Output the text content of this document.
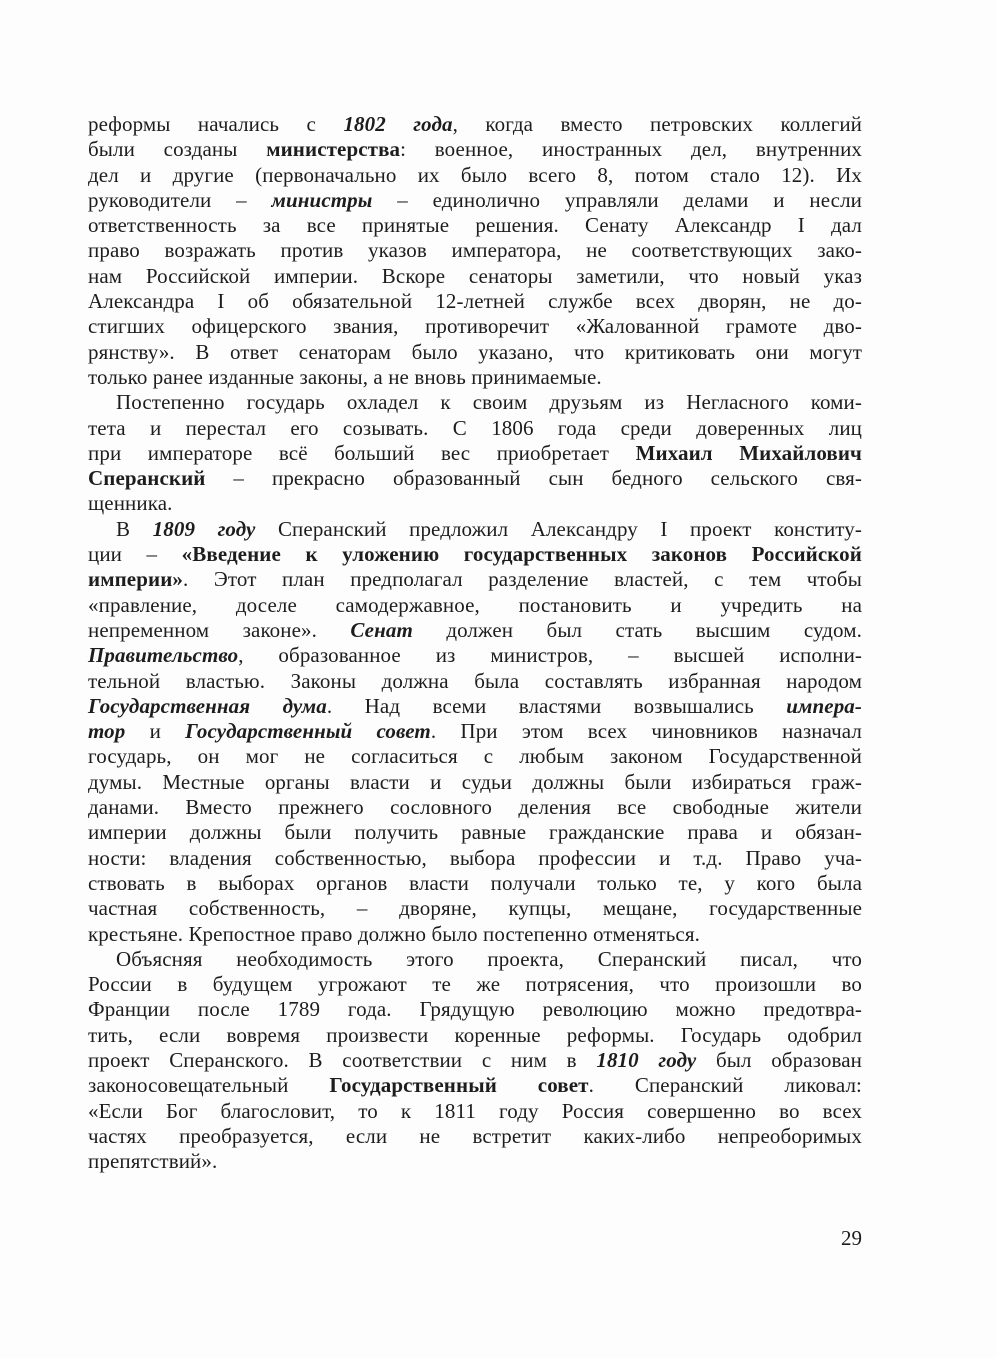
реформы начались с 1802 года, когда вместо петровских коллегий
были созданы министерства: военное, иностранных дел, внутренних
дел и другие (первоначально их было всего 8, потом стало 12). Их
руководители – министры – единолично управляли делами и несли
ответственность за все принятые решения. Сенату Александр I дал
право возражать против указов императора, не соответствующих зако-
нам Российской империи. Вскоре сенаторы заметили, что новый указ
Александра I об обязательной 12-летней службе всех дворян, не до-
стигших офицерского звания, противоречит «Жалованной грамоте дво-
рянству». В ответ сенаторам было указано, что критиковать они могут
только ранее изданные законы, а не вновь принимаемые.
Постепенно государь охладел к своим друзьям из Негласного коми-
тета и перестал его созывать. С 1806 года среди доверенных лиц
при императоре всё больший вес приобретает Михаил Михайлович
Сперанский – прекрасно образованный сын бедного сельского свя-
щенника.
В 1809 году Сперанский предложил Александру I проект конститу-
ции – «Введение к уложению государственных законов Российской
империи». Этот план предполагал разделение властей, с тем чтобы
«правление, доселе самодержавное, постановить и учредить на
непременном законе». Сенат должен был стать высшим судом.
Правительство, образованное из министров, – высшей исполни-
тельной властью. Законы должна была составлять избранная народом
Государственная дума. Над всеми властями возвышались импера-
тор и Государственный совет. При этом всех чиновников назначал
государь, он мог не согласиться с любым законом Государственной
думы. Местные органы власти и судьи должны были избираться граж-
данами. Вместо прежнего сословного деления все свободные жители
империи должны были получить равные гражданские права и обязан-
ности: владения собственностью, выбора профессии и т.д. Право уча-
ствовать в выборах органов власти получали только те, у кого была
частная собственность, – дворяне, купцы, мещане, государственные
крестьяне. Крепостное право должно было постепенно отменяться.
Объясняя необходимость этого проекта, Сперанский писал, что
России в будущем угрожают те же потрясения, что произошли во
Франции после 1789 года. Грядущую революцию можно предотвра-
тить, если вовремя произвести коренные реформы. Государь одобрил
проект Сперанского. В соответствии с ним в 1810 году был образован
законосовещательный Государственный совет. Сперанский ликовал:
«Если Бог благословит, то к 1811 году Россия совершенно во всех
частях преобразуется, если не встретит каких-либо непреоборимых
препятствий».
29
